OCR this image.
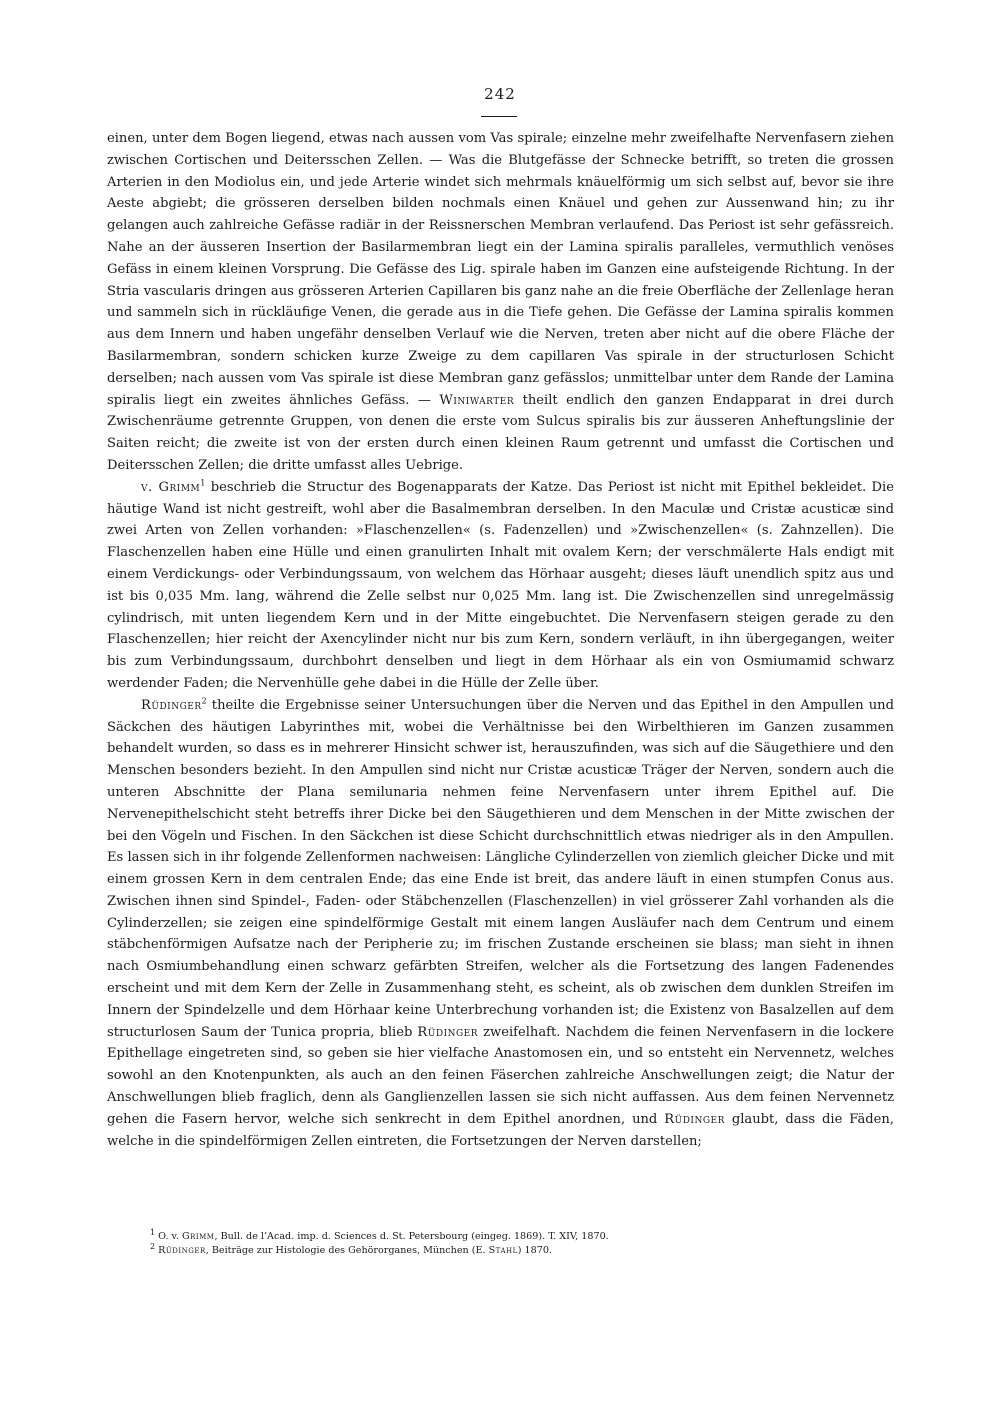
242

einen, unter dem Bogen liegend, etwas nach aussen vom Vas spirale; einzelne mehr zweifelhafte Nervenfasern ziehen zwischen Cortischen und Deitersschen Zellen. — Was die Blutgefässe der Schnecke betrifft, so treten die grossen Arterien in den Modiolus ein, und jede Arterie windet sich mehrmals knäuelförmig um sich selbst auf, bevor sie ihre Aeste abgiebt; die grösseren derselben bilden nochmals einen Knäuel und gehen zur Aussenwand hin; zu ihr gelangen auch zahlreiche Gefässe radiär in der Reissnerschen Membran verlaufend. Das Periost ist sehr gefässreich. Nahe an der äusseren Insertion der Basilarmembran liegt ein der Lamina spiralis paralleles, vermuthlich venöses Gefäss in einem kleinen Vorsprung. Die Gefässe des Lig. spirale haben im Ganzen eine aufsteigende Richtung. In der Stria vascularis dringen aus grösseren Arterien Capillaren bis ganz nahe an die freie Oberfläche der Zellenlage heran und sammeln sich in rückläufige Venen, die gerade aus in die Tiefe gehen. Die Gefässe der Lamina spiralis kommen aus dem Innern und haben ungefähr denselben Verlauf wie die Nerven, treten aber nicht auf die obere Fläche der Basilarmembran, sondern schicken kurze Zweige zu dem capillaren Vas spirale in der structurlosen Schicht derselben; nach aussen vom Vas spirale ist diese Membran ganz gefässlos; unmittelbar unter dem Rande der Lamina spiralis liegt ein zweites ähnliches Gefäss. — Winiwarter theilt endlich den ganzen Endapparat in drei durch Zwischenräume getrennte Gruppen, von denen die erste vom Sulcus spiralis bis zur äusseren Anheftungslinie der Saiten reicht; die zweite ist von der ersten durch einen kleinen Raum getrennt und umfasst die Cortischen und Deitersschen Zellen; die dritte umfasst alles Uebrige.

v. Grimm$^1$ beschrieb die Structur des Bogenapparats der Katze. Das Periost ist nicht mit Epithel bekleidet. Die häutige Wand ist nicht gestreift, wohl aber die Basalmembran derselben. In den Maculæ und Cristæ acusticæ sind zwei Arten von Zellen vorhanden: »Flaschenzellen« (s. Fadenzellen) und »Zwischenzellen« (s. Zahnzellen). Die Flaschenzellen haben eine Hülle und einen granulirten Inhalt mit ovalem Kern; der verschmälerte Hals endigt mit einem Verdickungs- oder Verbindungssaum, von welchem das Hörhaar ausgeht; dieses läuft unendlich spitz aus und ist bis 0,035 Mm. lang, während die Zelle selbst nur 0,025 Mm. lang ist. Die Zwischenzellen sind unregelmässig cylindrisch, mit unten liegendem Kern und in der Mitte eingebuchtet. Die Nervenfasern steigen gerade zu den Flaschenzellen; hier reicht der Axencylinder nicht nur bis zum Kern, sondern verläuft, in ihn übergegangen, weiter bis zum Verbindungssaum, durchbohrt denselben und liegt in dem Hörhaar als ein von Osmiumamid schwarz werdender Faden; die Nervenhülle gehe dabei in die Hülle der Zelle über.

Rüdinger$^2$ theilte die Ergebnisse seiner Untersuchungen über die Nerven und das Epithel in den Ampullen und Säckchen des häutigen Labyrinthes mit, wobei die Verhältnisse bei den Wirbelthieren im Ganzen zusammen behandelt wurden, so dass es in mehrerer Hinsicht schwer ist, herauszufinden, was sich auf die Säugethiere und den Menschen besonders bezieht. In den Ampullen sind nicht nur Cristæ acusticæ Träger der Nerven, sondern auch die unteren Abschnitte der Plana semilunaria nehmen feine Nervenfasern unter ihrem Epithel auf. Die Nervenepithelschicht steht betreffs ihrer Dicke bei den Säugethieren und dem Menschen in der Mitte zwischen der bei den Vögeln und Fischen. In den Säckchen ist diese Schicht durchschnittlich etwas niedriger als in den Ampullen. Es lassen sich in ihr folgende Zellenformen nachweisen: Längliche Cylinderzellen von ziemlich gleicher Dicke und mit einem grossen Kern in dem centralen Ende; das eine Ende ist breit, das andere läuft in einen stumpfen Conus aus. Zwischen ihnen sind Spindel-, Faden- oder Stäbchenzellen (Flaschenzellen) in viel grösserer Zahl vorhanden als die Cylinderzellen; sie zeigen eine spindelförmige Gestalt mit einem langen Ausläufer nach dem Centrum und einem stäbchenförmigen Aufsatze nach der Peripherie zu; im frischen Zustande erscheinen sie blass; man sieht in ihnen nach Osmiumbehandlung einen schwarz gefärbten Streifen, welcher als die Fortsetzung des langen Fadenendes erscheint und mit dem Kern der Zelle in Zusammenhang steht, es scheint, als ob zwischen dem dunklen Streifen im Innern der Spindelzelle und dem Hörhaar keine Unterbrechung vorhanden ist; die Existenz von Basalzellen auf dem structurlosen Saum der Tunica propria, blieb Rüdinger zweifelhaft. Nachdem die feinen Nervenfasern in die lockere Epithellage eingetreten sind, so geben sie hier vielfache Anastomosen ein, und so entsteht ein Nervennetz, welches sowohl an den Knotenpunkten, als auch an den feinen Fäserchen zahlreiche Anschwellungen zeigt; die Natur der Anschwellungen blieb fraglich, denn als Ganglienzellen lassen sie sich nicht auffassen. Aus dem feinen Nervennetz gehen die Fasern hervor, welche sich senkrecht in dem Epithel anordnen, und Rüdinger glaubt, dass die Fäden, welche in die spindelförmigen Zellen eintreten, die Fortsetzungen der Nerven darstellen;

$^1$ O. v. Grimm, Bull. de l’Acad. imp. d. Sciences d. St. Petersbourg (eingeg. 1869). T. XIV, 1870.
$^2$ Rüdinger, Beiträge zur Histologie des Gehörorganes, München (E. Stahl) 1870.
